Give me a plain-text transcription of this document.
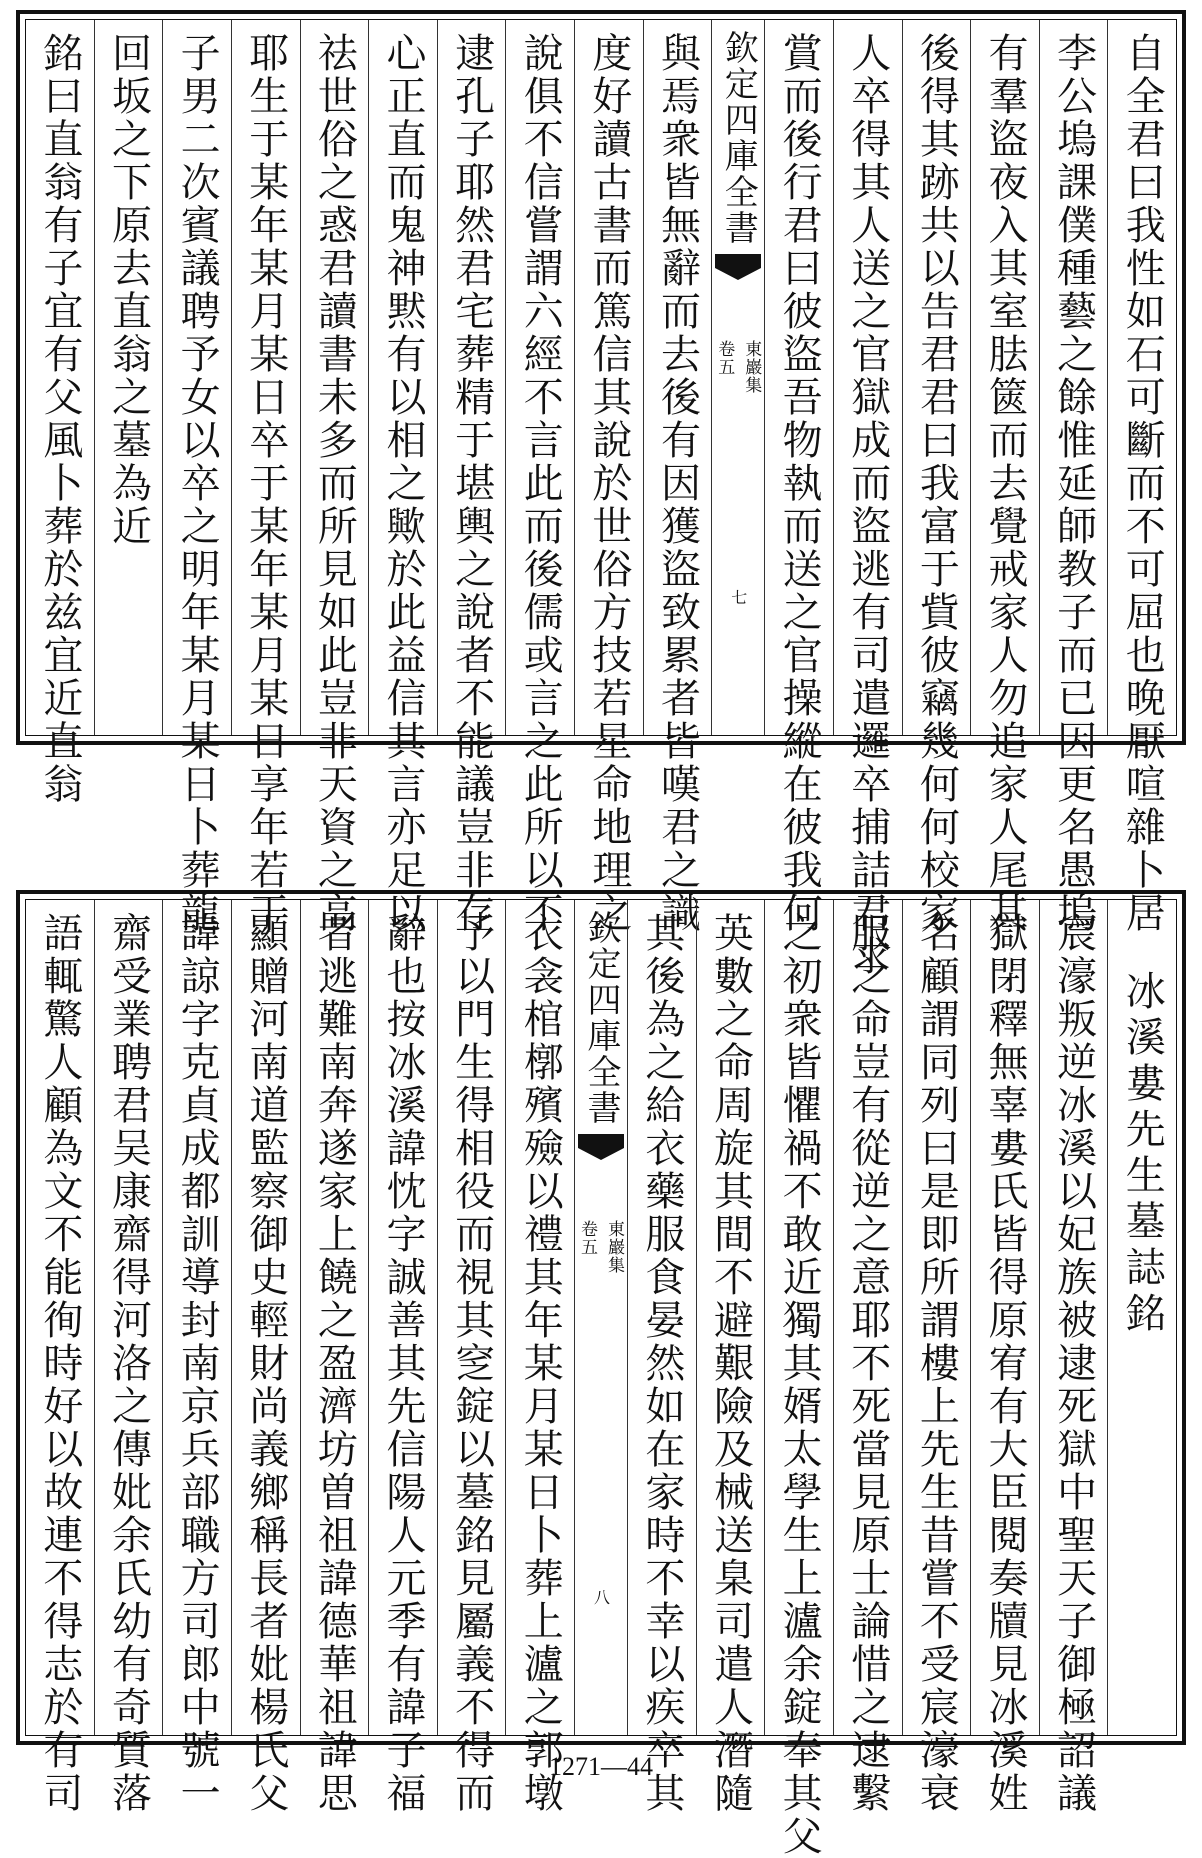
自全君曰我性如石可斷而不可屈也晚厭喧雜卜居
李公塢課僕種藝之餘惟延師教子而已因更名愚塢
有羣盜夜入其室胠篋而去覺戒家人勿追家人尾其
後得其跡共以告君君曰我富于貲彼竊幾何何校家
人卒得其人送之官獄成而盜逃有司遣邏卒捕詰君求
賞而後行君曰彼盜吾物執而送之官操縱在彼我何
欽定四庫全書
東巖集
卷五
七
與焉衆皆無辭而去後有因獲盜致累者皆嘆君之識
度好讀古書而篤信其說於世俗方技若星命地理之
說俱不信嘗謂六經不言此而後儒或言之此所以不
逮孔子耶然君宅葬精于堪輿之說者不能議豈非存
心正直而鬼神黙有以相之歟於此益信其言亦足以
祛世俗之惑君讀書未多而所見如此豈非天資之高
耶生于某年某月某日卒于某年某月某日享年若干
子男二次賓議聘予女以卒之明年某月某日卜葬龍
回坂之下原去直翁之墓為近
銘曰直翁有子宜有父風卜葬於兹宜近直翁
冰溪婁先生墓誌銘
宸濠叛逆冰溪以妃族被逮死獄中聖天子御極詔議
獄閉釋無辜婁氏皆得原宥有大臣閱奏牘見冰溪姓
名顧謂同列曰是即所謂樓上先生昔嘗不受宸濠衰
服之命豈有從逆之意耶不死當見原士論惜之逮繫
之初衆皆懼禍不敢近獨其婿太學生上瀘余錠奉其父
英數之命周旋其間不避艱險及械送臬司遣人潛隨
其後為之給衣藥服食晏然如在家時不幸以疾卒其
欽定四庫全書
東巖集
卷五
八
衣衾棺槨殯殮以禮其年某月某日卜葬上瀘之郭墩
予以門生得相役而視其窆錠以墓銘見屬義不得而
辭也按冰溪諱忱字誠善其先信陽人元季有諱子福
者逃難南奔遂家上饒之盈濟坊曽祖諱德華祖諱思
顯贈河南道監察御史輕財尚義鄉稱長者妣楊氏父
諱諒字克貞成都訓導封南京兵部職方司郎中號一
齋受業聘君吴康齋得河洛之傳妣余氏幼有奇質落
語輒驚人顧為文不能徇時好以故連不得志於有司	1271—44
